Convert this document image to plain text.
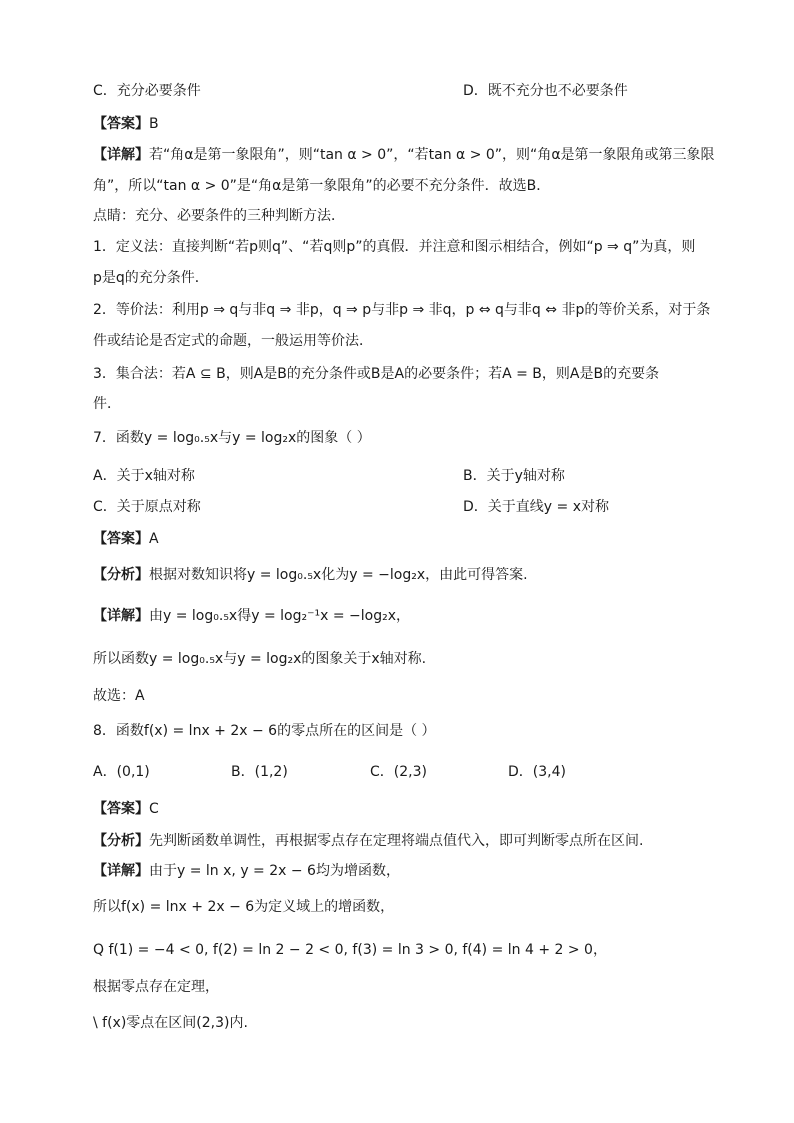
C．充分必要条件	D．既不充分也不必要条件
【答案】B
【详解】若“角α是第一象限角”，则“tan α > 0”，“若tan α > 0”，则“角α是第一象限角或第三象限
角”，所以“tan α > 0”是“角α是第一象限角”的必要不充分条件．故选B．
点睛：充分、必要条件的三种判断方法．
1．定义法：直接判断“若p则q”、“若q则p”的真假．并注意和图示相结合，例如“p ⇒ q”为真，则
p是q的充分条件．
2．等价法：利用p ⇒ q与非q ⇒ 非p，q ⇒ p与非p ⇒ 非q，p ⇔ q与非q ⇔ 非p的等价关系，对于条
件或结论是否定式的命题，一般运用等价法．
3．集合法：若A ⊆ B，则A是B的充分条件或B是A的必要条件；若A = B，则A是B的充要条
件．
7．函数y = log₀.₅x与y = log₂x的图象（ ）
A．关于x轴对称	B．关于y轴对称
C．关于原点对称	D．关于直线y = x对称
【答案】A
【分析】根据对数知识将y = log₀.₅x化为y = −log₂x，由此可得答案.
【详解】由y = log₀.₅x得y = log₂⁻¹x = −log₂x，
所以函数y = log₀.₅x与y = log₂x的图象关于x轴对称.
故选：A
8．函数f(x) = lnx + 2x − 6的零点所在的区间是（ ）
A．(0,1)	B．(1,2)	C．(2,3)	D．(3,4)
【答案】C
【分析】先判断函数单调性，再根据零点存在定理将端点值代入，即可判断零点所在区间.
【详解】由于y = ln x, y = 2x − 6均为增函数，
所以f(x) = lnx + 2x − 6为定义域上的增函数，
Q f(1) = −4 < 0, f(2) = ln 2 − 2 < 0, f(3) = ln 3 > 0, f(4) = ln 4 + 2 > 0，
根据零点存在定理，
\ f(x)零点在区间(2,3)内.
